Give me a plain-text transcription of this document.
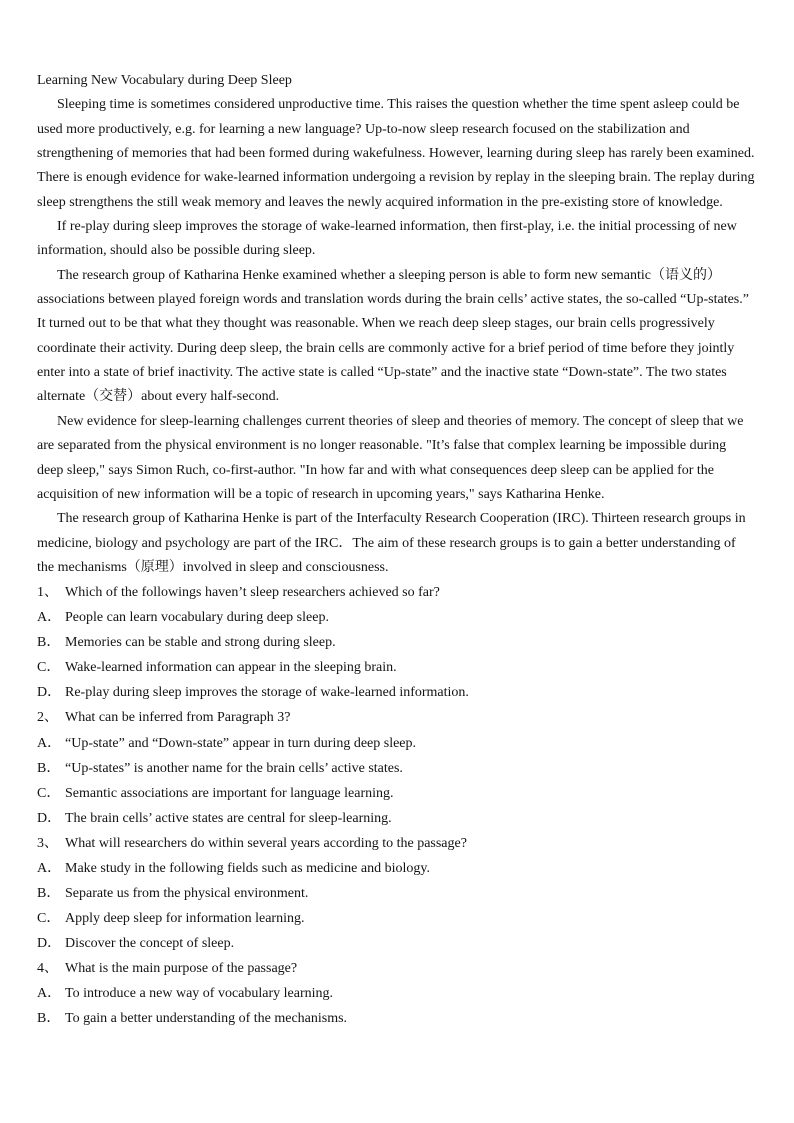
Learning New Vocabulary during Deep Sleep
Sleeping time is sometimes considered unproductive time. This raises the question whether the time spent asleep could be
used more productively, e.g. for learning a new language? Up-to-now sleep research focused on the stabilization and
strengthening of memories that had been formed during wakefulness. However, learning during sleep has rarely been examined.
There is enough evidence for wake-learned information undergoing a revision by replay in the sleeping brain. The replay during
sleep strengthens the still weak memory and leaves the newly acquired information in the pre-existing store of knowledge.
If re-play during sleep improves the storage of wake-learned information, then first-play, i.e. the initial processing of new
information, should also be possible during sleep.
The research group of Katharina Henke examined whether a sleeping person is able to form new semantic（语义的）
associations between played foreign words and translation words during the brain cells’ active states, the so-called “Up-states.”
It turned out to be that what they thought was reasonable. When we reach deep sleep stages, our brain cells progressively
coordinate their activity. During deep sleep, the brain cells are commonly active for a brief period of time before they jointly
enter into a state of brief inactivity. The active state is called “Up-state” and the inactive state “Down-state”. The two states
alternate（交替）about every half-second.
New evidence for sleep-learning challenges current theories of sleep and theories of memory. The concept of sleep that we
are separated from the physical environment is no longer reasonable. "It’s false that complex learning be impossible during
deep sleep," says Simon Ruch, co-first-author. "In how far and with what consequences deep sleep can be applied for the
acquisition of new information will be a topic of research in upcoming years," says Katharina Henke.
The research group of Katharina Henke is part of the Interfaculty Research Cooperation (IRC). Thirteen research groups in
medicine, biology and psychology are part of the IRC．The aim of these research groups is to gain a better understanding of
the mechanisms（原理）involved in sleep and consciousness.
1、 Which of the followings haven’t sleep researchers achieved so far?
A． People can learn vocabulary during deep sleep.
B． Memories can be stable and strong during sleep.
C． Wake-learned information can appear in the sleeping brain.
D． Re-play during sleep improves the storage of wake-learned information.
2、 What can be inferred from Paragraph 3?
A． “Up-state” and “Down-state” appear in turn during deep sleep.
B． “Up-states” is another name for the brain cells’ active states.
C． Semantic associations are important for language learning.
D． The brain cells’ active states are central for sleep-learning.
3、 What will researchers do within several years according to the passage?
A． Make study in the following fields such as medicine and biology.
B． Separate us from the physical environment.
C． Apply deep sleep for information learning.
D． Discover the concept of sleep.
4、 What is the main purpose of the passage?
A． To introduce a new way of vocabulary learning.
B． To gain a better understanding of the mechanisms.
